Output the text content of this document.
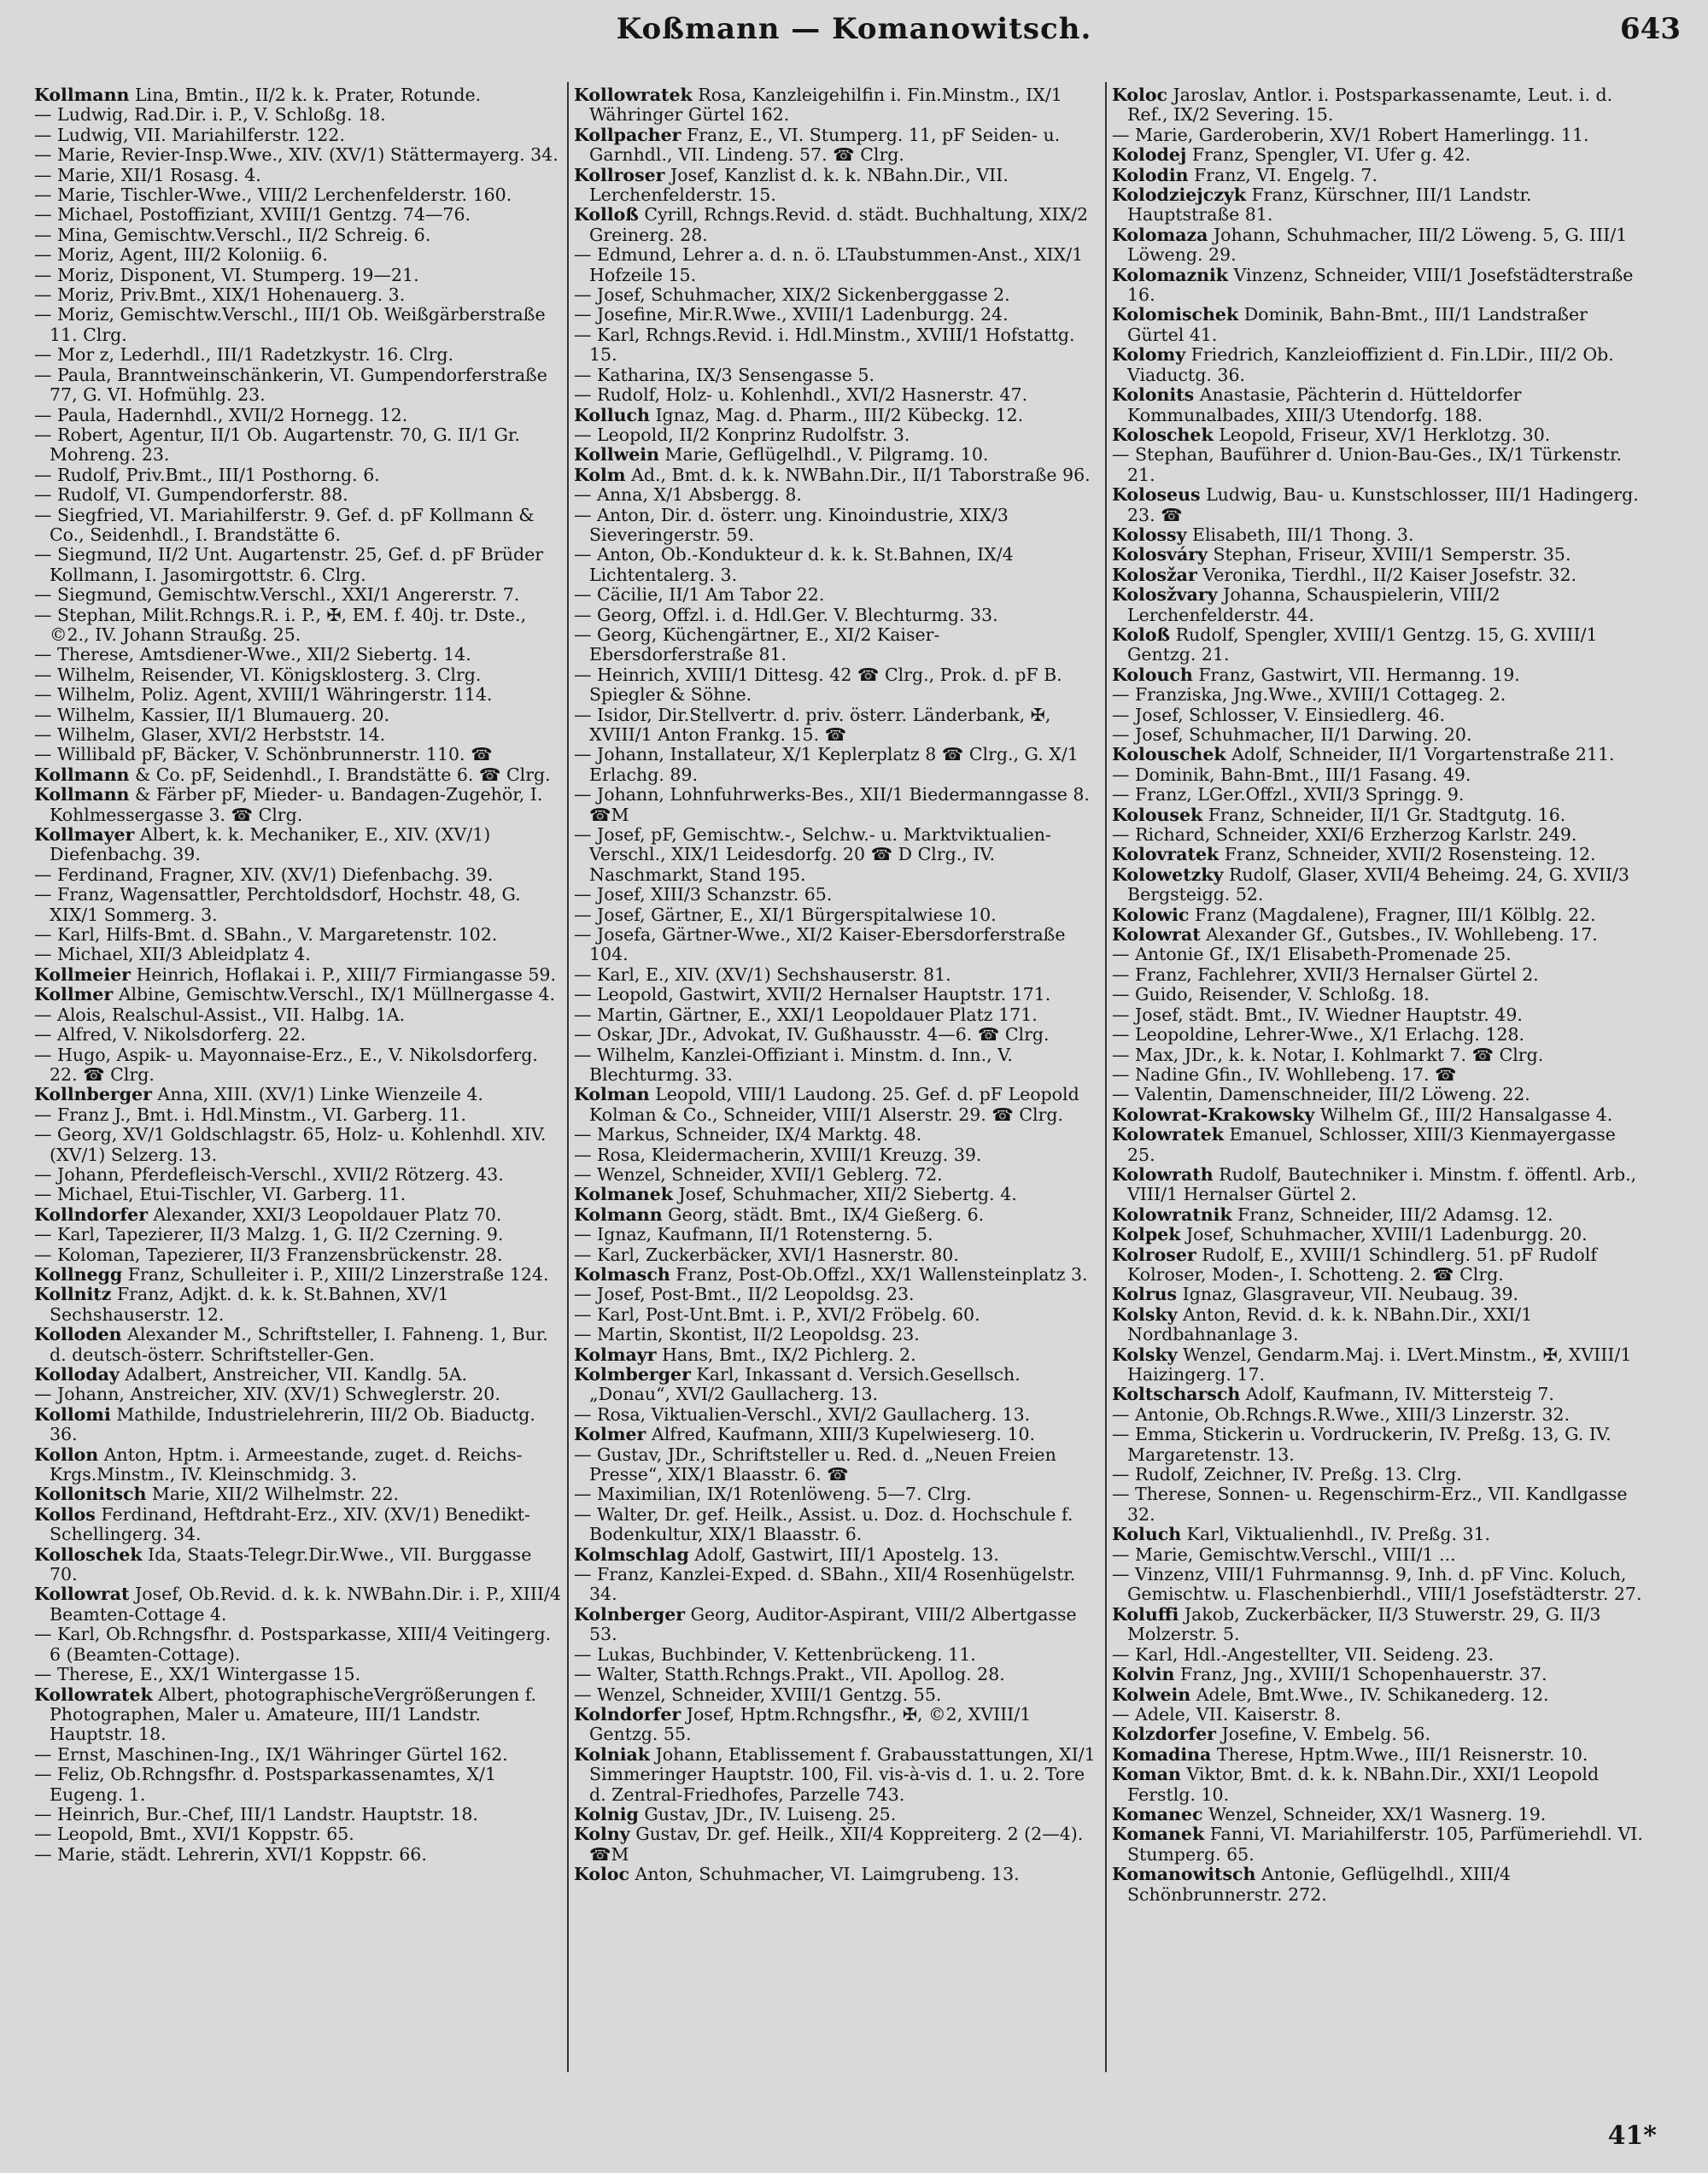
Koßmann — Komanowitsch.	643

Kollmann Lina, Bmtin., II/2 k. k. Prater, Rotunde.

— Ludwig, Rad.Dir. i. P., V. Schloßg. 18.

— Ludwig, VII. Mariahilferstr. 122.

— Marie, Revier-Insp.Wwe., XIV. (XV/1) Stättermayerg. 34.

— Marie, XII/1 Rosasg. 4.

— Marie, Tischler-Wwe., VIII/2 Lerchenfelderstr. 160.

— Michael, Postoffiziant, XVIII/1 Gentzg. 74—76.

— Mina, Gemischtw.Verschl., II/2 Schreig. 6.

— Moriz, Agent, III/2 Koloniig. 6.

— Moriz, Disponent, VI. Stumperg. 19—21.

— Moriz, Priv.Bmt., XIX/1 Hohenauerg. 3.

— Moriz, Gemischtw.Verschl., III/1 Ob. Weißgärberstraße 11. Clrg.

— Mor z, Lederhdl., III/1 Radetzkystr. 16. Clrg.

— Paula, Branntweinschänkerin, VI. Gumpendorferstraße 77, G. VI. Hofmühlg. 23.

— Paula, Hadernhdl., XVII/2 Hornegg. 12.

— Robert, Agentur, II/1 Ob. Augartenstr. 70, G. II/1 Gr. Mohreng. 23.

— Rudolf, Priv.Bmt., III/1 Posthorng. 6.

— Rudolf, VI. Gumpendorferstr. 88.

— Siegfried, VI. Mariahilferstr. 9. Gef. d. pF Kollmann & Co., Seidenhdl., I. Brandstätte 6.

— Siegmund, II/2 Unt. Augartenstr. 25, Gef. d. pF Brüder Kollmann, I. Jasomirgottstr. 6. Clrg.

— Siegmund, Gemischtw.Verschl., XXI/1 Angererstr. 7.

— Stephan, Milit.Rchngs.R. i. P., ✠, EM. f. 40j. tr. Dste., ©2., IV. Johann Straußg. 25.

— Therese, Amtsdiener-Wwe., XII/2 Siebertg. 14.

— Wilhelm, Reisender, VI. Königsklosterg. 3. Clrg.

— Wilhelm, Poliz. Agent, XVIII/1 Währingerstr. 114.

— Wilhelm, Kassier, II/1 Blumauerg. 20.

— Wilhelm, Glaser, XVI/2 Herbststr. 14.

— Willibald pF, Bäcker, V. Schönbrunnerstr. 110. ☎

Kollmann & Co. pF, Seidenhdl., I. Brandstätte 6. ☎ Clrg.

Kollmann & Färber pF, Mieder- u. Bandagen-Zugehör, I. Kohlmessergasse 3. ☎ Clrg.

Kollmayer Albert, k. k. Mechaniker, E., XIV. (XV/1) Diefenbachg. 39.

— Ferdinand, Fragner, XIV. (XV/1) Diefenbachg. 39.

— Franz, Wagensattler, Perchtoldsdorf, Hochstr. 48, G. XIX/1 Sommerg. 3.

— Karl, Hilfs-Bmt. d. SBahn., V. Margaretenstr. 102.

— Michael, XII/3 Ableidplatz 4.

Kollmeier Heinrich, Hoflakai i. P., XIII/7 Firmiangasse 59.

Kollmer Albine, Gemischtw.Verschl., IX/1 Müllnergasse 4.

— Alois, Realschul-Assist., VII. Halbg. 1A.

— Alfred, V. Nikolsdorferg. 22.

— Hugo, Aspik- u. Mayonnaise-Erz., E., V. Nikolsdorferg. 22. ☎ Clrg.

Kollnberger Anna, XIII. (XV/1) Linke Wienzeile 4.

— Franz J., Bmt. i. Hdl.Minstm., VI. Garberg. 11.

— Georg, XV/1 Goldschlagstr. 65, Holz- u. Kohlenhdl. XIV. (XV/1) Selzerg. 13.

— Johann, Pferdefleisch-Verschl., XVII/2 Rötzerg. 43.

— Michael, Etui-Tischler, VI. Garberg. 11.

Kollndorfer Alexander, XXI/3 Leopoldauer Platz 70.

— Karl, Tapezierer, II/3 Malzg. 1, G. II/2 Czerning. 9.

— Koloman, Tapezierer, II/3 Franzensbrückenstr. 28.

Kollnegg Franz, Schulleiter i. P., XIII/2 Linzerstraße 124.

Kollnitz Franz, Adjkt. d. k. k. St.Bahnen, XV/1 Sechshauserstr. 12.

Kolloden Alexander M., Schriftsteller, I. Fahneng. 1, Bur. d. deutsch-österr. Schriftsteller-Gen.

Kolloday Adalbert, Anstreicher, VII. Kandlg. 5A.

— Johann, Anstreicher, XIV. (XV/1) Schweglerstr. 20.

Kollomi Mathilde, Industrielehrerin, III/2 Ob. Biaductg. 36.

Kollon Anton, Hptm. i. Armeestande, zuget. d. Reichs-Krgs.Minstm., IV. Kleinschmidg. 3.

Kollonitsch Marie, XII/2 Wilhelmstr. 22.

Kollos Ferdinand, Heftdraht-Erz., XIV. (XV/1) Benedikt-Schellingerg. 34.

Kolloschek Ida, Staats-Telegr.Dir.Wwe., VII. Burggasse 70.

Kollowrat Josef, Ob.Revid. d. k. k. NWBahn.Dir. i. P., XIII/4 Beamten-Cottage 4.

— Karl, Ob.Rchngsfhr. d. Postsparkasse, XIII/4 Veitingerg. 6 (Beamten-Cottage).

— Therese, E., XX/1 Wintergasse 15.

Kollowratek Albert, photographischeVergrößerungen f. Photographen, Maler u. Amateure, III/1 Landstr. Hauptstr. 18.

— Ernst, Maschinen-Ing., IX/1 Währinger Gürtel 162.

— Feliz, Ob.Rchngsfhr. d. Postsparkassenamtes, X/1 Eugeng. 1.

— Heinrich, Bur.-Chef, III/1 Landstr. Hauptstr. 18.

— Leopold, Bmt., XVI/1 Koppstr. 65.

— Marie, städt. Lehrerin, XVI/1 Koppstr. 66.

Kollowratek Rosa, Kanzleigehilfin i. Fin.Minstm., IX/1 Währinger Gürtel 162.

Kollpacher Franz, E., VI. Stumperg. 11, pF Seiden- u. Garnhdl., VII. Lindeng. 57. ☎ Clrg.

Kollroser Josef, Kanzlist d. k. k. NBahn.Dir., VII. Lerchenfelderstr. 15.

Kolloß Cyrill, Rchngs.Revid. d. städt. Buchhaltung, XIX/2 Greinerg. 28.

— Edmund, Lehrer a. d. n. ö. LTaubstummen-Anst., XIX/1 Hofzeile 15.

— Josef, Schuhmacher, XIX/2 Sickenberggasse 2.

— Josefine, Mir.R.Wwe., XVIII/1 Ladenburgg. 24.

— Karl, Rchngs.Revid. i. Hdl.Minstm., XVIII/1 Hofstattg. 15.

— Katharina, IX/3 Sensengasse 5.

— Rudolf, Holz- u. Kohlenhdl., XVI/2 Hasnerstr. 47.

Kolluch Ignaz, Mag. d. Pharm., III/2 Kübeckg. 12.

— Leopold, II/2 Konprinz Rudolfstr. 3.

Kollwein Marie, Geflügelhdl., V. Pilgramg. 10.

Kolm Ad., Bmt. d. k. k. NWBahn.Dir., II/1 Taborstraße 96.

— Anna, X/1 Absbergg. 8.

— Anton, Dir. d. österr. ung. Kinoindustrie, XIX/3 Sieveringerstr. 59.

— Anton, Ob.-Kondukteur d. k. k. St.Bahnen, IX/4 Lichtentalerg. 3.

— Cäcilie, II/1 Am Tabor 22.

— Georg, Offzl. i. d. Hdl.Ger. V. Blechturmg. 33.

— Georg, Küchengärtner, E., XI/2 Kaiser-Ebersdorferstraße 81.

— Heinrich, XVIII/1 Dittesg. 42 ☎ Clrg., Prok. d. pF B. Spiegler & Söhne.

— Isidor, Dir.Stellvertr. d. priv. österr. Länderbank, ✠, XVIII/1 Anton Frankg. 15. ☎

— Johann, Installateur, X/1 Keplerplatz 8 ☎ Clrg., G. X/1 Erlachg. 89.

— Johann, Lohnfuhrwerks-Bes., XII/1 Biedermanngasse 8. ☎M

— Josef, pF, Gemischtw.-, Selchw.- u. Marktviktualien-Verschl., XIX/1 Leidesdorfg. 20 ☎ D Clrg., IV. Naschmarkt, Stand 195.

— Josef, XIII/3 Schanzstr. 65.

— Josef, Gärtner, E., XI/1 Bürgerspitalwiese 10.

— Josefa, Gärtner-Wwe., XI/2 Kaiser-Ebersdorferstraße 104.

— Karl, E., XIV. (XV/1) Sechshauserstr. 81.

— Leopold, Gastwirt, XVII/2 Hernalser Hauptstr. 171.

— Martin, Gärtner, E., XXI/1 Leopoldauer Platz 171.

— Oskar, JDr., Advokat, IV. Gußhausstr. 4—6. ☎ Clrg.

— Wilhelm, Kanzlei-Offiziant i. Minstm. d. Inn., V. Blechturmg. 33.

Kolman Leopold, VIII/1 Laudong. 25. Gef. d. pF Leopold Kolman & Co., Schneider, VIII/1 Alserstr. 29. ☎ Clrg.

— Markus, Schneider, IX/4 Marktg. 48.

— Rosa, Kleidermacherin, XVIII/1 Kreuzg. 39.

— Wenzel, Schneider, XVII/1 Geblerg. 72.

Kolmanek Josef, Schuhmacher, XII/2 Siebertg. 4.

Kolmann Georg, städt. Bmt., IX/4 Gießerg. 6.

— Ignaz, Kaufmann, II/1 Rotensterng. 5.

— Karl, Zuckerbäcker, XVI/1 Hasnerstr. 80.

Kolmasch Franz, Post-Ob.Offzl., XX/1 Wallensteinplatz 3.

— Josef, Post-Bmt., II/2 Leopoldsg. 23.

— Karl, Post-Unt.Bmt. i. P., XVI/2 Fröbelg. 60.

— Martin, Skontist, II/2 Leopoldsg. 23.

Kolmayr Hans, Bmt., IX/2 Pichlerg. 2.

Kolmberger Karl, Inkassant d. Versich.Gesellsch. „Donau“, XVI/2 Gaullacherg. 13.

— Rosa, Viktualien-Verschl., XVI/2 Gaullacherg. 13.

Kolmer Alfred, Kaufmann, XIII/3 Kupelwieserg. 10.

— Gustav, JDr., Schriftsteller u. Red. d. „Neuen Freien Presse“, XIX/1 Blaasstr. 6. ☎

— Maximilian, IX/1 Rotenlöweng. 5—7. Clrg.

— Walter, Dr. gef. Heilk., Assist. u. Doz. d. Hochschule f. Bodenkultur, XIX/1 Blaasstr. 6.

Kolmschlag Adolf, Gastwirt, III/1 Apostelg. 13.

— Franz, Kanzlei-Exped. d. SBahn., XII/4 Rosenhügelstr. 34.

Kolnberger Georg, Auditor-Aspirant, VIII/2 Albertgasse 53.

— Lukas, Buchbinder, V. Kettenbrückeng. 11.

— Walter, Statth.Rchngs.Prakt., VII. Apollog. 28.

— Wenzel, Schneider, XVIII/1 Gentzg. 55.

Kolndorfer Josef, Hptm.Rchngsfhr., ✠, ©2, XVIII/1 Gentzg. 55.

Kolniak Johann, Etablissement f. Grabausstattungen, XI/1 Simmeringer Hauptstr. 100, Fil. vis-à-vis d. 1. u. 2. Tore d. Zentral-Friedhofes, Parzelle 743.

Kolnig Gustav, JDr., IV. Luiseng. 25.

Kolny Gustav, Dr. gef. Heilk., XII/4 Koppreiterg. 2 (2—4). ☎M

Koloc Anton, Schuhmacher, VI. Laimgrubeng. 13.

Koloc Jaroslav, Antlor. i. Postsparkassenamte, Leut. i. d. Ref., IX/2 Severing. 15.

— Marie, Garderoberin, XV/1 Robert Hamerlingg. 11.

Kolodej Franz, Spengler, VI. Ufer g. 42.

Kolodin Franz, VI. Engelg. 7.

Kolodziejczyk Franz, Kürschner, III/1 Landstr. Hauptstraße 81.

Kolomaza Johann, Schuhmacher, III/2 Löweng. 5, G. III/1 Löweng. 29.

Kolomaznik Vinzenz, Schneider, VIII/1 Josefstädterstraße 16.

Kolomischek Dominik, Bahn-Bmt., III/1 Landstraßer Gürtel 41.

Kolomy Friedrich, Kanzleioffizient d. Fin.LDir., III/2 Ob. Viaductg. 36.

Kolonits Anastasie, Pächterin d. Hütteldorfer Kommunalbades, XIII/3 Utendorfg. 188.

Koloschek Leopold, Friseur, XV/1 Herklotzg. 30.

— Stephan, Bauführer d. Union-Bau-Ges., IX/1 Türkenstr. 21.

Koloseus Ludwig, Bau- u. Kunstschlosser, III/1 Hadingerg. 23. ☎

Kolossy Elisabeth, III/1 Thong. 3.

Kolosváry Stephan, Friseur, XVIII/1 Semperstr. 35.

Kolosžar Veronika, Tierdhl., II/2 Kaiser Josefstr. 32.

Kolosžvary Johanna, Schauspielerin, VIII/2 Lerchenfelderstr. 44.

Koloß Rudolf, Spengler, XVIII/1 Gentzg. 15, G. XVIII/1 Gentzg. 21.

Kolouch Franz, Gastwirt, VII. Hermanng. 19.

— Franziska, Jng.Wwe., XVIII/1 Cottageg. 2.

— Josef, Schlosser, V. Einsiedlerg. 46.

— Josef, Schuhmacher, II/1 Darwing. 20.

Kolouschek Adolf, Schneider, II/1 Vorgartenstraße 211.

— Dominik, Bahn-Bmt., III/1 Fasang. 49.

— Franz, LGer.Offzl., XVII/3 Springg. 9.

Kolousek Franz, Schneider, II/1 Gr. Stadtgutg. 16.

— Richard, Schneider, XXI/6 Erzherzog Karlstr. 249.

Kolovratek Franz, Schneider, XVII/2 Rosensteing. 12.

Kolowetzky Rudolf, Glaser, XVII/4 Beheimg. 24, G. XVII/3 Bergsteigg. 52.

Kolowic Franz (Magdalene), Fragner, III/1 Kölblg. 22.

Kolowrat Alexander Gf., Gutsbes., IV. Wohllebeng. 17.

— Antonie Gf., IX/1 Elisabeth-Promenade 25.

— Franz, Fachlehrer, XVII/3 Hernalser Gürtel 2.

— Guido, Reisender, V. Schloßg. 18.

— Josef, städt. Bmt., IV. Wiedner Hauptstr. 49.

— Leopoldine, Lehrer-Wwe., X/1 Erlachg. 128.

— Max, JDr., k. k. Notar, I. Kohlmarkt 7. ☎ Clrg.

— Nadine Gfin., IV. Wohllebeng. 17. ☎

— Valentin, Damenschneider, III/2 Löweng. 22.

Kolowrat-Krakowsky Wilhelm Gf., III/2 Hansalgasse 4.

Kolowratek Emanuel, Schlosser, XIII/3 Kienmayergasse 25.

Kolowrath Rudolf, Bautechniker i. Minstm. f. öffentl. Arb., VIII/1 Hernalser Gürtel 2.

Kolowratnik Franz, Schneider, III/2 Adamsg. 12.

Kolpek Josef, Schuhmacher, XVIII/1 Ladenburgg. 20.

Kolroser Rudolf, E., XVIII/1 Schindlerg. 51. pF Rudolf Kolroser, Moden-, I. Schotteng. 2. ☎ Clrg.

Kolrus Ignaz, Glasgraveur, VII. Neubaug. 39.

Kolsky Anton, Revid. d. k. k. NBahn.Dir., XXI/1 Nordbahnanlage 3.

Kolsky Wenzel, Gendarm.Maj. i. LVert.Minstm., ✠, XVIII/1 Haizingerg. 17.

Koltscharsch Adolf, Kaufmann, IV. Mittersteig 7.

— Antonie, Ob.Rchngs.R.Wwe., XIII/3 Linzerstr. 32.

— Emma, Stickerin u. Vordruckerin, IV. Preßg. 13, G. IV. Margaretenstr. 13.

— Rudolf, Zeichner, IV. Preßg. 13. Clrg.

— Therese, Sonnen- u. Regenschirm-Erz., VII. Kandlgasse 32.

Koluch Karl, Viktualienhdl., IV. Preßg. 31.

— Marie, Gemischtw.Verschl., VIII/1 ...

— Vinzenz, VIII/1 Fuhrmannsg. 9, Inh. d. pF Vinc. Koluch, Gemischtw. u. Flaschenbierhdl., VIII/1 Josefstädterstr. 27.

Koluffi Jakob, Zuckerbäcker, II/3 Stuwerstr. 29, G. II/3 Molzerstr. 5.

— Karl, Hdl.-Angestellter, VII. Seideng. 23.

Kolvin Franz, Jng., XVIII/1 Schopenhauerstr. 37.

Kolwein Adele, Bmt.Wwe., IV. Schikanederg. 12.

— Adele, VII. Kaiserstr. 8.

Kolzdorfer Josefine, V. Embelg. 56.

Komadina Therese, Hptm.Wwe., III/1 Reisnerstr. 10.

Koman Viktor, Bmt. d. k. k. NBahn.Dir., XXI/1 Leopold Ferstlg. 10.

Komanec Wenzel, Schneider, XX/1 Wasnerg. 19.

Komanek Fanni, VI. Mariahilferstr. 105, Parfümeriehdl. VI. Stumperg. 65.

Komanowitsch Antonie, Geflügelhdl., XIII/4 Schönbrunnerstr. 272.

41*
